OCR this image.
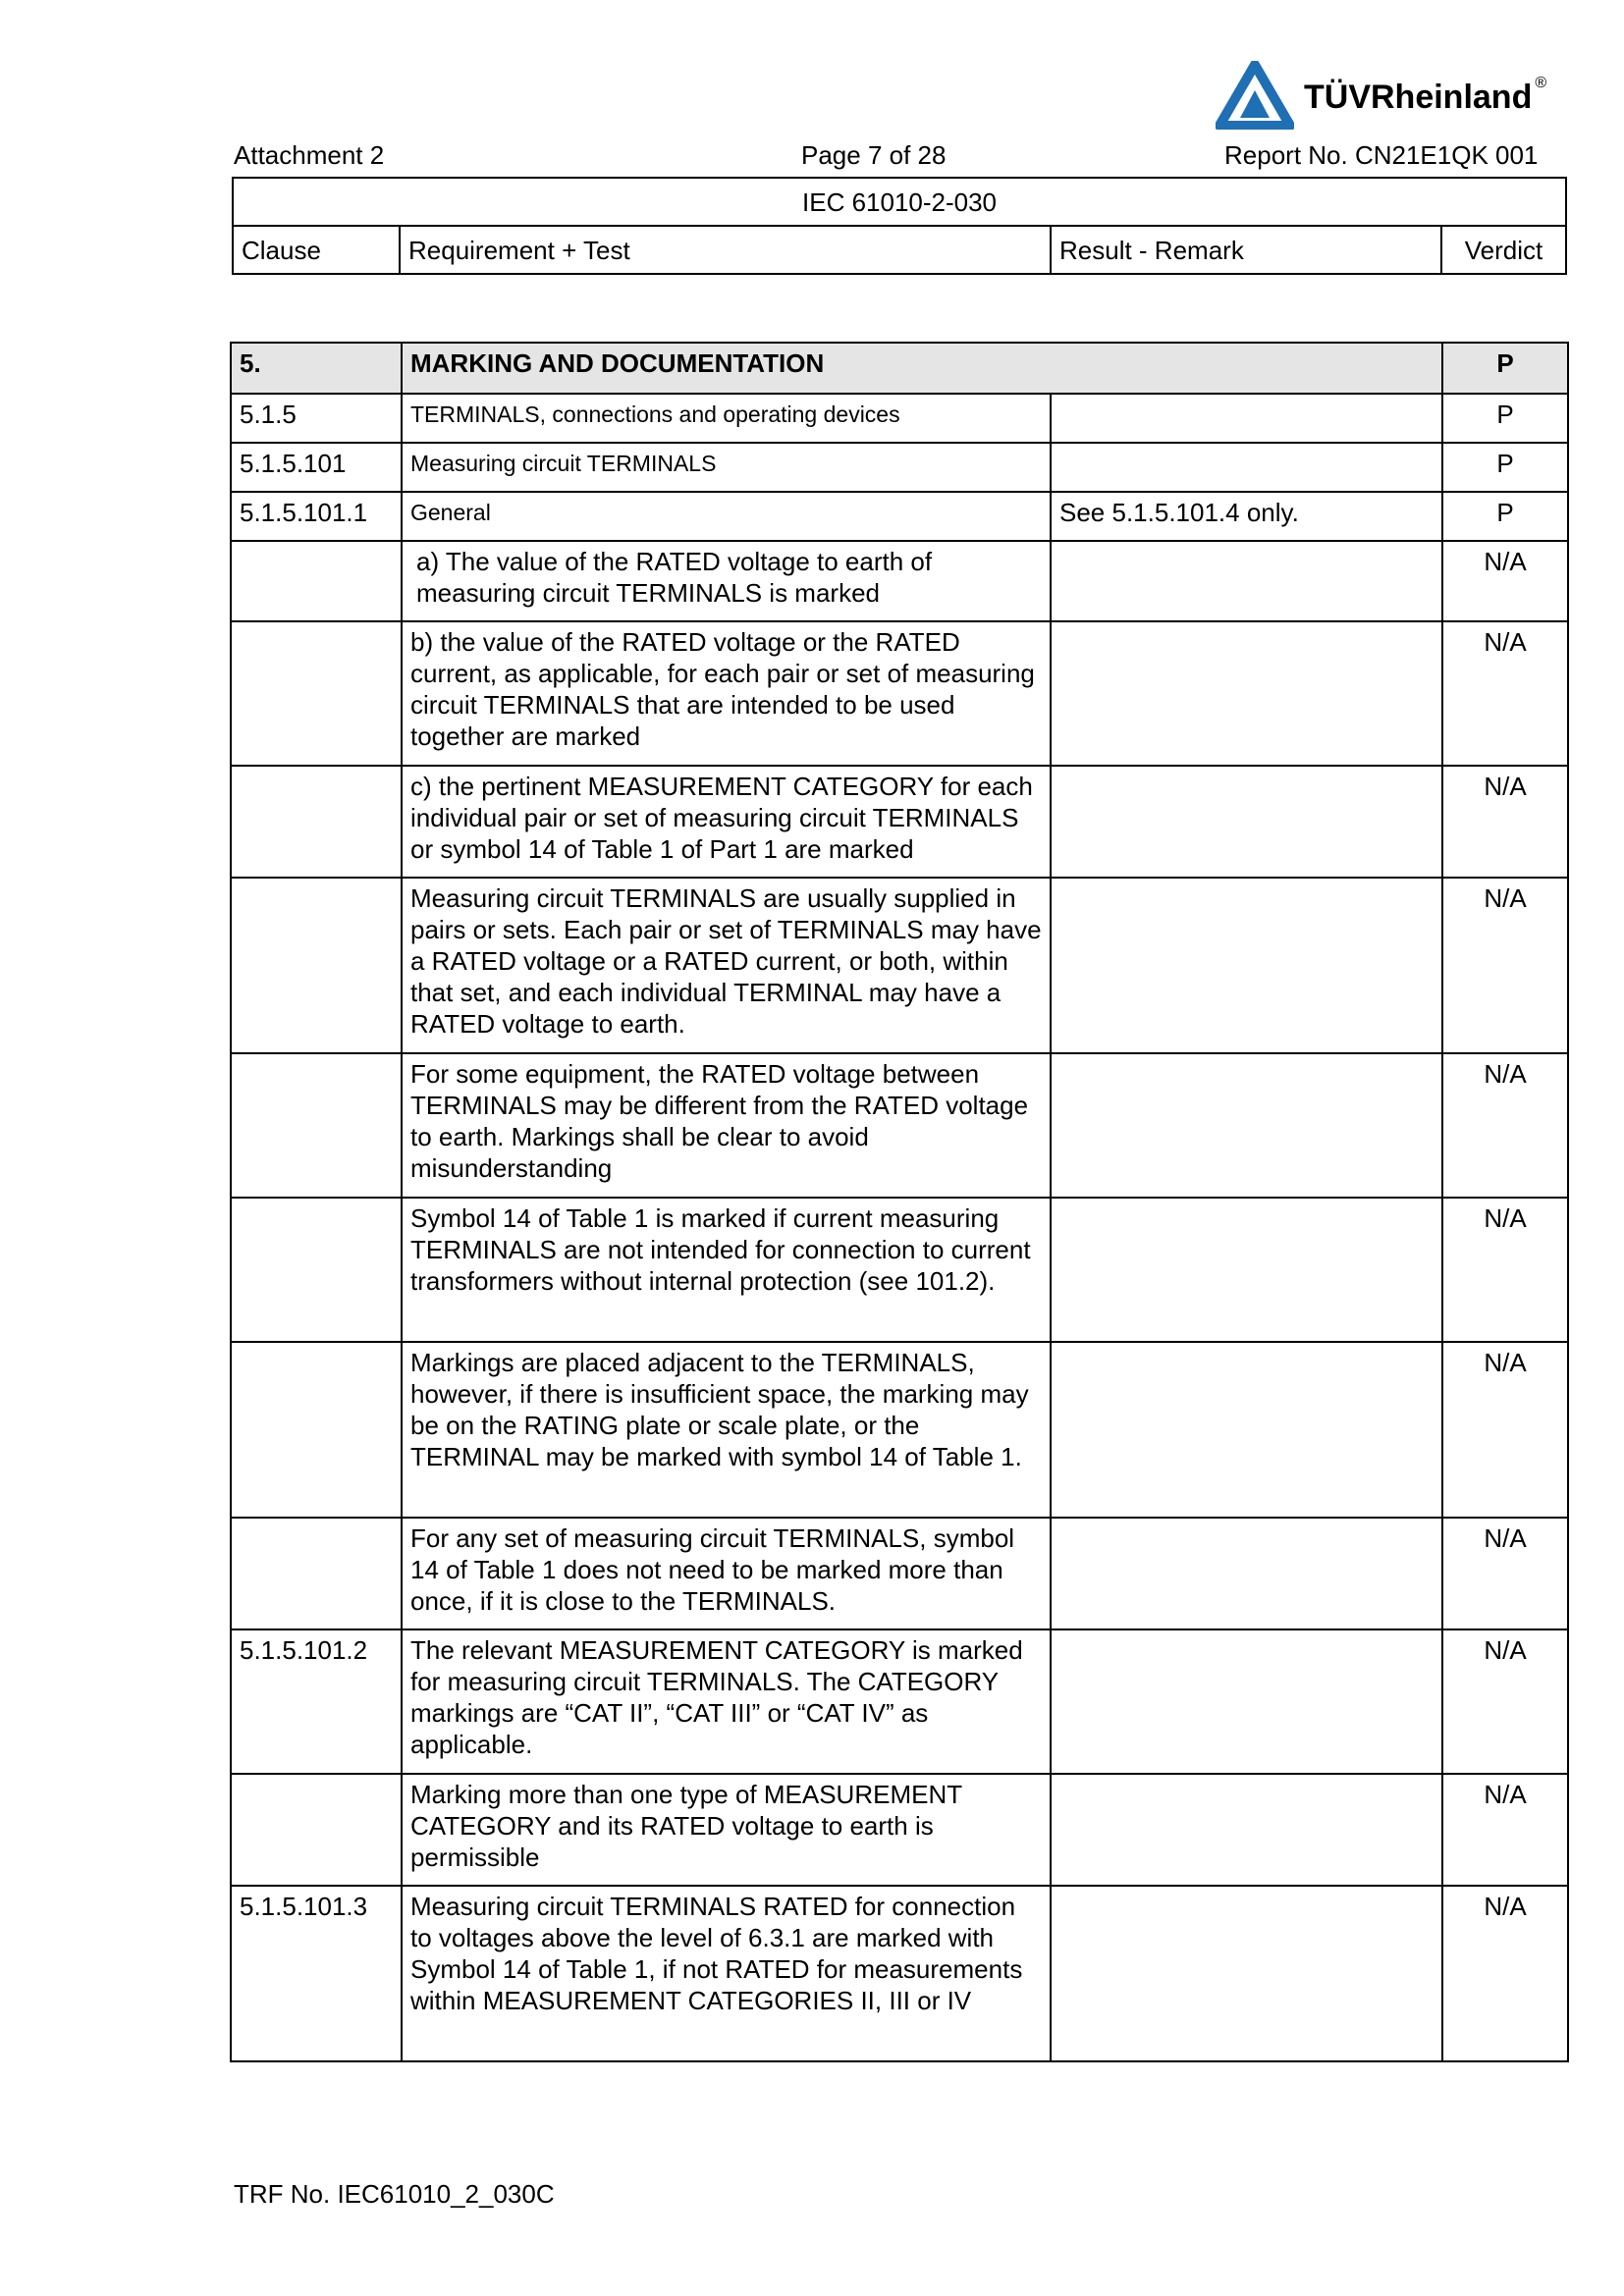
TÜVRheinland ®
Attachment 2	Page 7 of 28	Report No. CN21E1QK 001
IEC 61010-2-030
Clause	Requirement + Test	Result - Remark	Verdict
5.	MARKING AND DOCUMENTATION		P
5.1.5	TERMINALS, connections and operating devices		P
5.1.5.101	Measuring circuit TERMINALS		P
5.1.5.101.1	General	See 5.1.5.101.4 only.	P
	a) The value of the RATED voltage to earth of measuring circuit TERMINALS is marked		N/A
	b) the value of the RATED voltage or the RATED current, as applicable, for each pair or set of measuring circuit TERMINALS that are intended to be used together are marked		N/A
	c) the pertinent MEASUREMENT CATEGORY for each individual pair or set of measuring circuit TERMINALS or symbol 14 of Table 1 of Part 1 are marked		N/A
	Measuring circuit TERMINALS are usually supplied in pairs or sets. Each pair or set of TERMINALS may have a RATED voltage or a RATED current, or both, within that set, and each individual TERMINAL may have a RATED voltage to earth.		N/A
	For some equipment, the RATED voltage between TERMINALS may be different from the RATED voltage to earth. Markings shall be clear to avoid misunderstanding		N/A
	Symbol 14 of Table 1 is marked if current measuring TERMINALS are not intended for connection to current transformers without internal protection (see 101.2).		N/A
	Markings are placed adjacent to the TERMINALS, however, if there is insufficient space, the marking may be on the RATING plate or scale plate, or the TERMINAL may be marked with symbol 14 of Table 1.		N/A
	For any set of measuring circuit TERMINALS, symbol 14 of Table 1 does not need to be marked more than once, if it is close to the TERMINALS.		N/A
5.1.5.101.2	The relevant MEASUREMENT CATEGORY is marked for measuring circuit TERMINALS. The CATEGORY markings are “CAT II”, “CAT III” or “CAT IV” as applicable.		N/A
	Marking more than one type of MEASUREMENT CATEGORY and its RATED voltage to earth is permissible		N/A
5.1.5.101.3	Measuring circuit TERMINALS RATED for connection to voltages above the level of 6.3.1 are marked with Symbol 14 of Table 1, if not RATED for measurements within MEASUREMENT CATEGORIES II, III or IV		N/A
TRF No. IEC61010_2_030C
